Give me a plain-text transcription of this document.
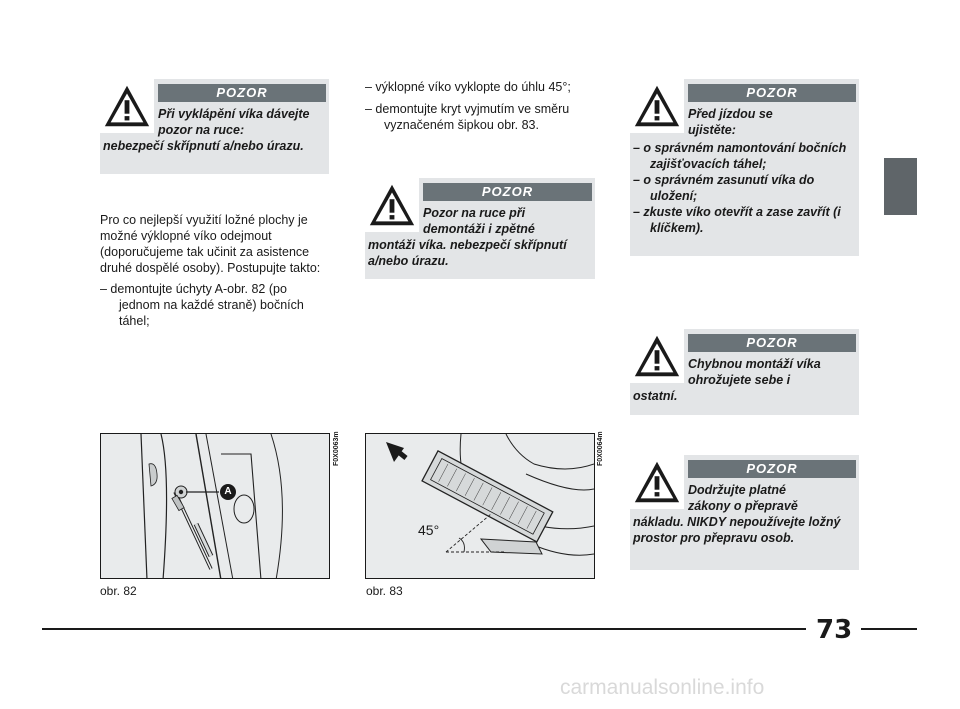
POZOR
Při vyklápění víka dávejte pozor na ruce:
nebezpečí skřípnutí a/nebo úrazu.
POZOR
Pozor na ruce při demontáži i zpětné
montáži víka. nebezpečí skřípnutí a/nebo úrazu.
POZOR
Před jízdou se ujistěte:
– o správném namontování bočních zajišťovacích táhel;
– o správném zasunutí víka do uložení;
– zkuste víko otevřít a zase zavřít (i klíčkem).
POZOR
Chybnou montáží víka ohrožujete sebe i
ostatní.
POZOR
Dodržujte platné zákony o přepravě
nákladu. NIKDY nepoužívejte ložný prostor pro přepravu osob.

Pro co nejlepší využití ložné plochy je možné výklopné víko odejmout (doporučujeme tak učinit za asistence druhé dospělé osoby). Postupujte takto:

– demontujte úchyty A-obr. 82 (po jednom na každé straně) bočních táhel;
– výklopné víko vyklopte do úhlu 45°;
– demontujte kryt vyjmutím ve směru vyznačeném šipkou obr. 83.
A
F0X0063m
obr. 82
45°
F0X0064m
obr. 83
73
carmanualsonline.info
